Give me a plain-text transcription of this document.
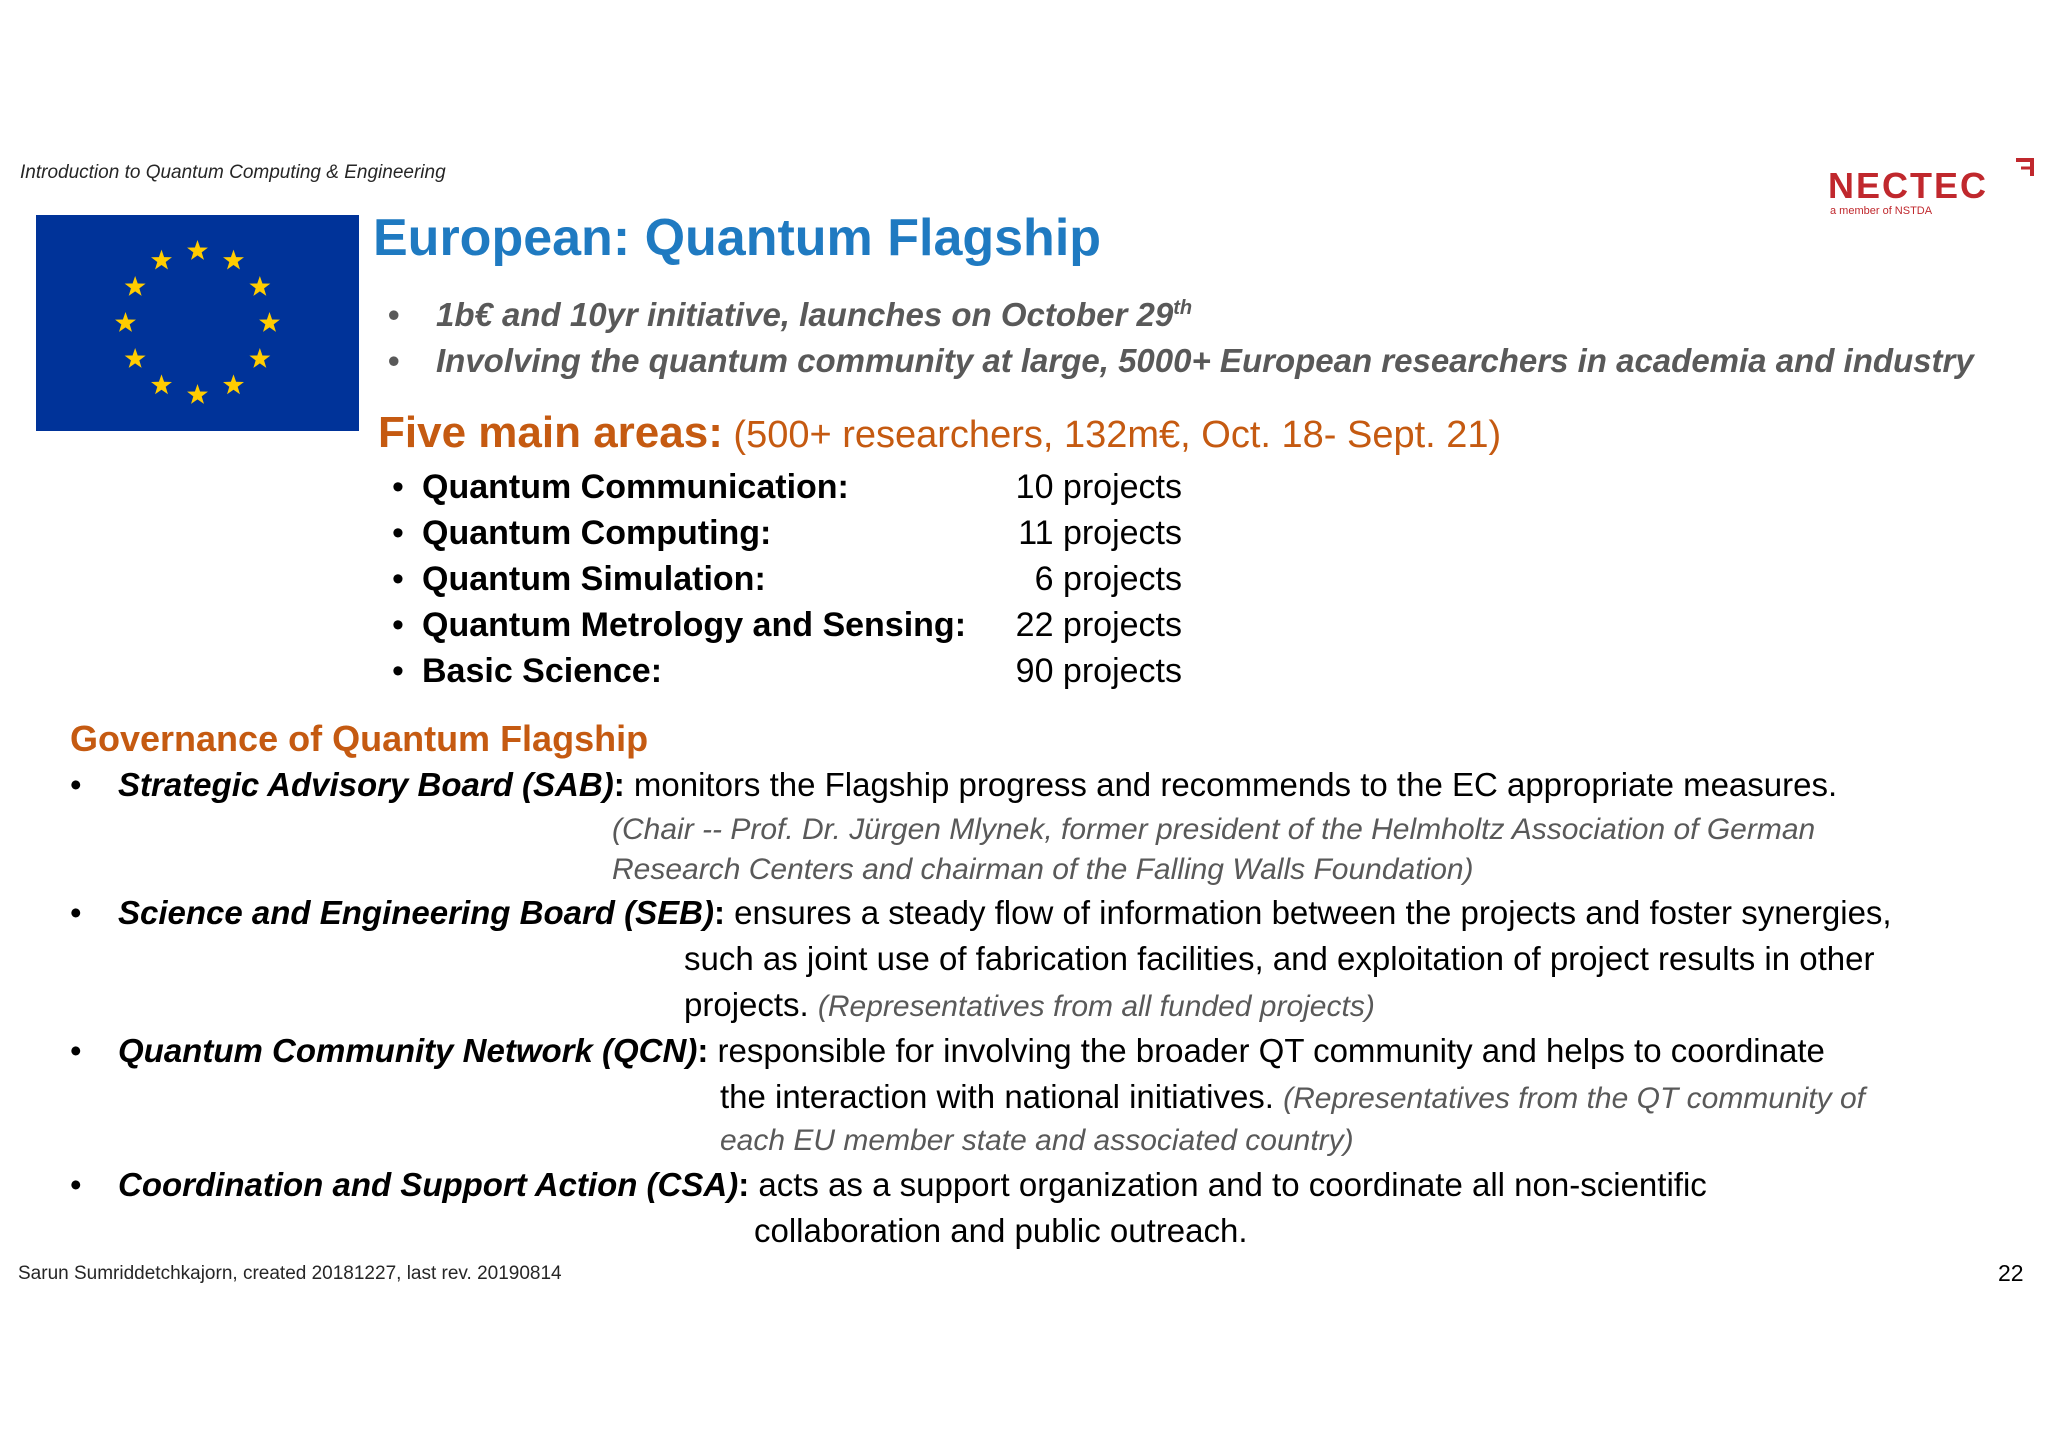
Introduction to Quantum Computing & Engineering	NECTEC
a member of NSTDA
European: Quantum Flagship
• 1b€ and 10yr initiative, launches on October 29th
• Involving the quantum community at large, 5000+ European researchers in academia and industry
Five main areas: (500+ researchers, 132m€, Oct. 18- Sept. 21)
• Quantum Communication:	10 projects
• Quantum Computing:	11 projects
• Quantum Simulation:	6 projects
• Quantum Metrology and Sensing:	22 projects
• Basic Science:	90 projects
Governance of Quantum Flagship
• Strategic Advisory Board (SAB): monitors the Flagship progress and recommends to the EC appropriate measures.
(Chair -- Prof. Dr. Jürgen Mlynek, former president of the Helmholtz Association of German
Research Centers and chairman of the Falling Walls Foundation)
• Science and Engineering Board (SEB): ensures a steady flow of information between the projects and foster synergies,
such as joint use of fabrication facilities, and exploitation of project results in other
projects. (Representatives from all funded projects)
• Quantum Community Network (QCN): responsible for involving the broader QT community and helps to coordinate
the interaction with national initiatives. (Representatives from the QT community of
each EU member state and associated country)
• Coordination and Support Action (CSA): acts as a support organization and to coordinate all non-scientific
collaboration and public outreach.
Sarun Sumriddetchkajorn, created 20181227, last rev. 20190814	22
